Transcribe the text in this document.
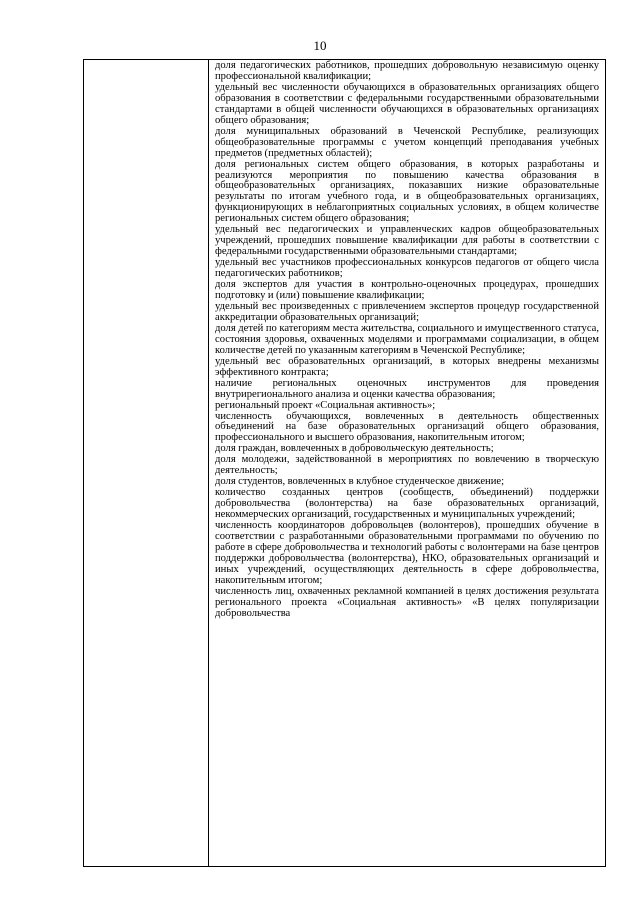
10

доля педагогических работников, прошедших добровольную независимую оценку профессиональной квалификации;

удельный вес численности обучающихся в образовательных организациях общего образования в соответствии с федеральными государственными образовательными стандартами в общей численности обучающихся в образовательных организациях общего образования;

доля муниципальных образований в Чеченской Республике, реализующих общеобразовательные программы с учетом концепций преподавания учебных предметов (предметных областей);

доля региональных систем общего образования, в которых разработаны и реализуются мероприятия по повышению качества образования в общеобразовательных организациях, показавших низкие образовательные результаты по итогам учебного года, и в общеобразовательных организациях, функционирующих в неблагоприятных социальных условиях, в общем количестве региональных систем общего образования;

удельный вес педагогических и управленческих кадров общеобразовательных учреждений, прошедших повышение квалификации для работы в соответствии с федеральными государственными образовательными стандартами;

удельный вес участников профессиональных конкурсов педагогов от общего числа педагогических работников;

доля экспертов для участия в контрольно-оценочных процедурах, прошедших подготовку и (или) повышение квалификации;

удельный вес произведенных с привлечением экспертов процедур государственной аккредитации образовательных организаций;

доля детей по категориям места жительства, социального и имущественного статуса, состояния здоровья, охваченных моделями и программами социализации, в общем количестве детей по указанным категориям в Чеченской Республике;

удельный вес образовательных организаций, в которых внедрены механизмы эффективного контракта;

наличие региональных оценочных инструментов для проведения внутрирегионального анализа и оценки качества образования;

региональный проект «Социальная активность»;

численность обучающихся, вовлеченных в деятельность общественных объединений на базе образовательных организаций общего образования, профессионального и высшего образования, накопительным итогом;

доля граждан, вовлеченных в добровольческую деятельность;

доля молодежи, задействованной в мероприятиях по вовлечению в творческую деятельность;

доля студентов, вовлеченных в клубное студенческое движение;

количество созданных центров (сообществ, объединений) поддержки добровольчества (волонтерства) на базе образовательных организаций, некоммерческих организаций, государственных и муниципальных учреждений;

численность координаторов добровольцев (волонтеров), прошедших обучение в соответствии с разработанными образовательными программами по обучению по работе в сфере добровольчества и технологий работы с волонтерами на базе центров поддержки добровольчества (волонтерства), НКО, образовательных организаций и иных учреждений, осуществляющих деятельность в сфере добровольчества, накопительным итогом;

численность лиц, охваченных рекламной компанией в целях достижения результата регионального проекта «Социальная активность» «В целях популяризации добровольчества
